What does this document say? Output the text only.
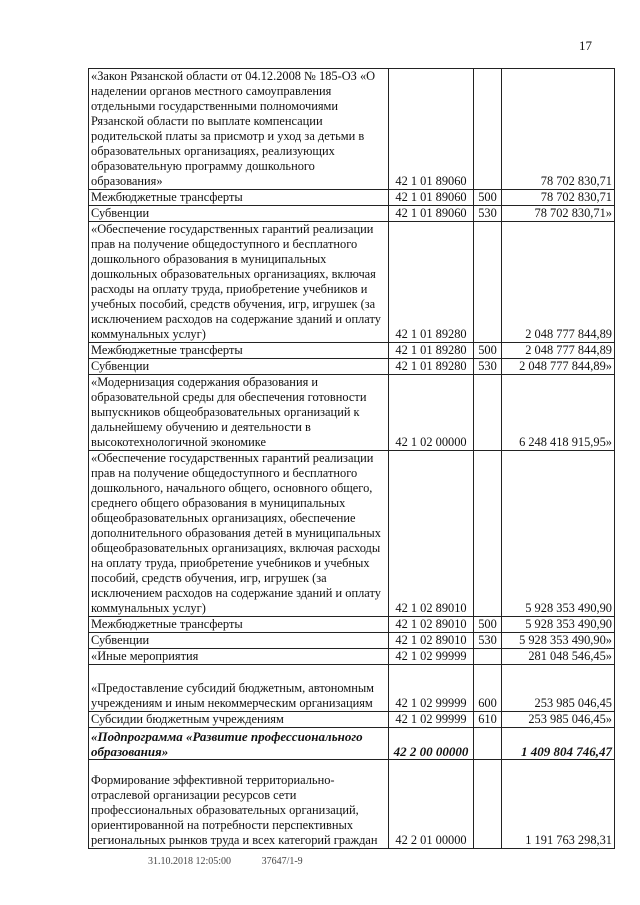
17
«Закон Рязанской области от 04.12.2008 № 185-ОЗ «О наделении органов местного самоуправления отдельными государственными полномочиями Рязанской области по выплате компенсации родительской платы за присмотр и уход за детьми в образовательных организациях, реализующих образовательную программу дошкольного образования»	42 1 01 89060		78 702 830,71
Межбюджетные трансферты	42 1 01 89060	500	78 702 830,71
Субвенции	42 1 01 89060	530	78 702 830,71»
«Обеспечение государственных гарантий реализации прав на получение общедоступного и бесплатного дошкольного образования в муниципальных дошкольных образовательных организациях, включая расходы на оплату труда, приобретение учебников и учебных пособий, средств обучения, игр, игрушек (за исключением расходов на содержание зданий и оплату коммунальных услуг)	42 1 01 89280		2 048 777 844,89
Межбюджетные трансферты	42 1 01 89280	500	2 048 777 844,89
Субвенции	42 1 01 89280	530	2 048 777 844,89»
«Модернизация содержания образования и образовательной среды для обеспечения готовности выпускников общеобразовательных организаций к дальнейшему обучению и деятельности в высокотехнологичной экономике	42 1 02 00000		6 248 418 915,95»
«Обеспечение государственных гарантий реализации прав на получение общедоступного и бесплатного дошкольного, начального общего, основного общего, среднего общего образования в муниципальных общеобразовательных организациях, обеспечение дополнительного образования детей в муниципальных общеобразовательных организациях, включая расходы на оплату труда, приобретение учебников и учебных пособий, средств обучения, игр, игрушек (за исключением расходов на содержание зданий и оплату коммунальных услуг)	42 1 02 89010		5 928 353 490,90
Межбюджетные трансферты	42 1 02 89010	500	5 928 353 490,90
Субвенции	42 1 02 89010	530	5 928 353 490,90»
«Иные мероприятия	42 1 02 99999		281 048 546,45»
«Предоставление субсидий бюджетным, автономным учреждениям и иным некоммерческим организациям	42 1 02 99999	600	253 985 046,45
Субсидии бюджетным учреждениям	42 1 02 99999	610	253 985 046,45»
«Подпрограмма «Развитие профессионального образования»	42 2 00 00000		1 409 804 746,47
Формирование эффективной территориально-отраслевой организации ресурсов сети профессиональных образовательных организаций, ориентированной на потребности перспективных региональных рынков труда и всех категорий граждан	42 2 01 00000		1 191 763 298,31
31.10.2018 12:05:00	37647/1-9
